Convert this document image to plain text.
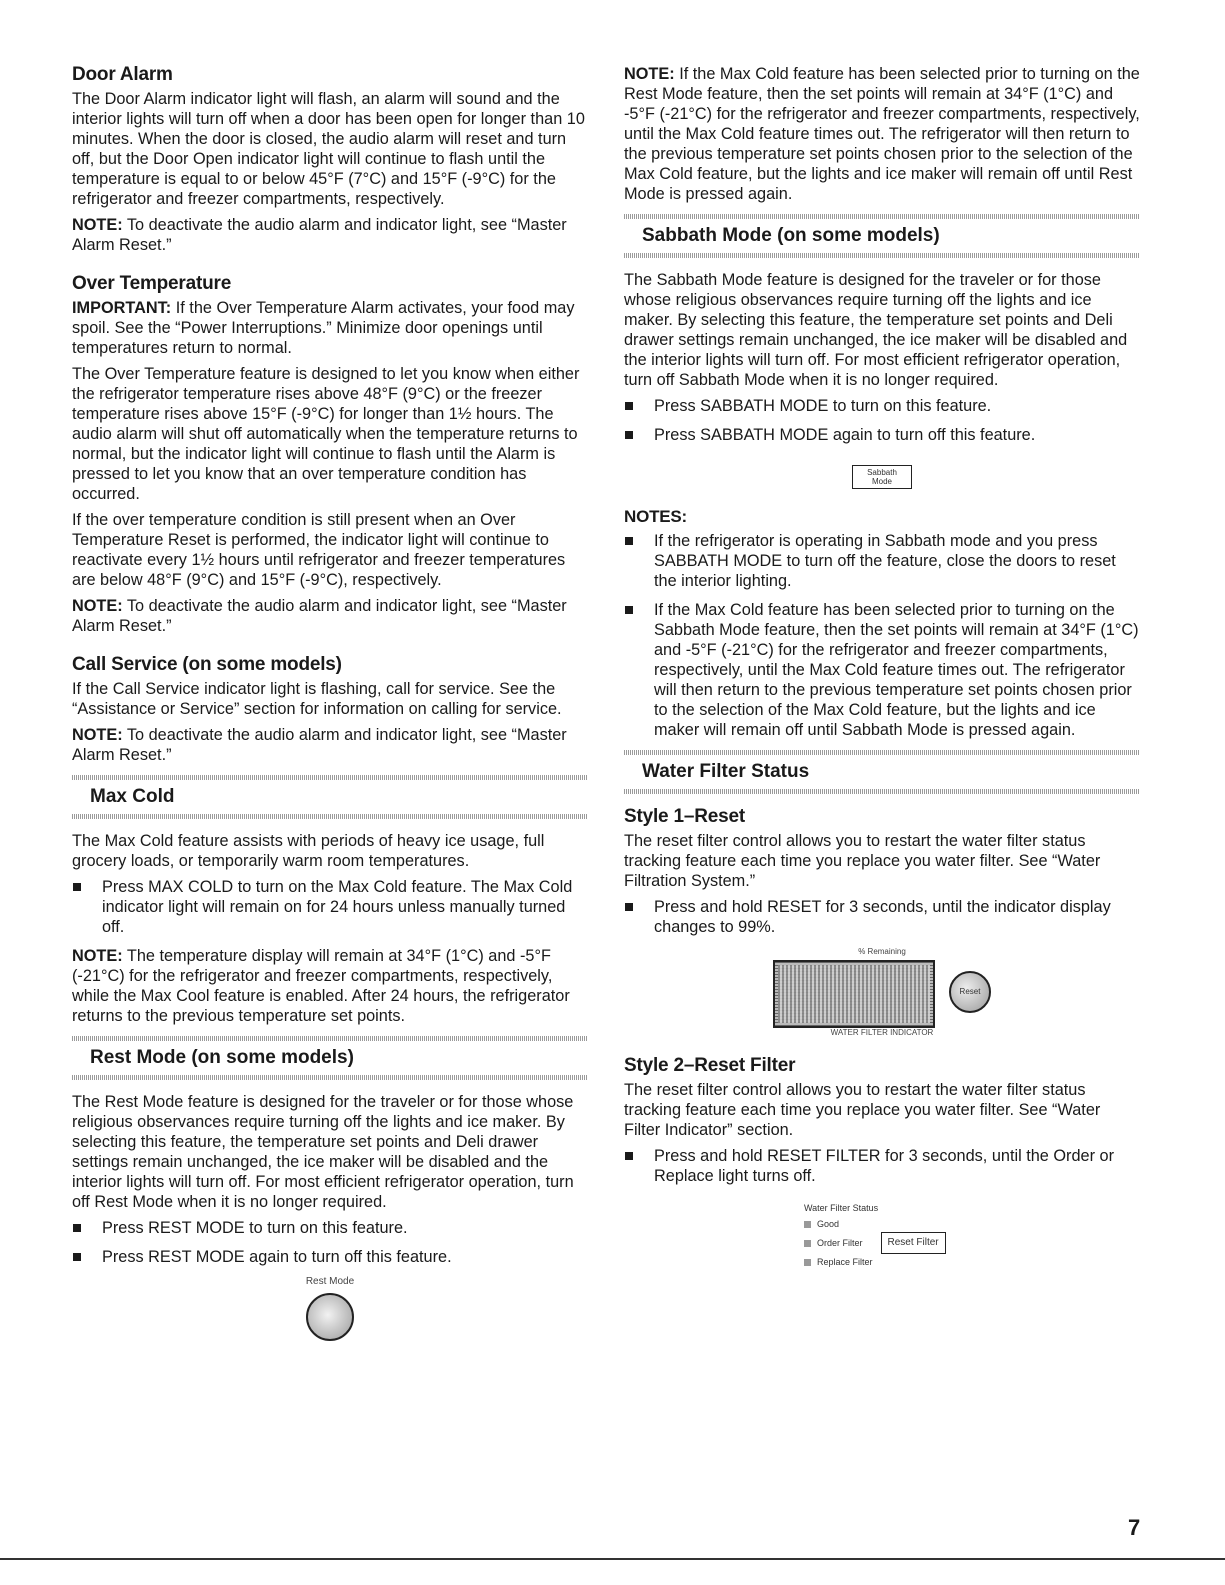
Door Alarm

The Door Alarm indicator light will flash, an alarm will sound and the interior lights will turn off when a door has been open for longer than 10 minutes. When the door is closed, the audio alarm will reset and turn off, but the Door Open indicator light will continue to flash until the temperature is equal to or below 45°F (7°C) and 15°F (-9°C) for the refrigerator and freezer compartments, respectively.

NOTE: To deactivate the audio alarm and indicator light, see “Master Alarm Reset.”

Over Temperature

IMPORTANT: If the Over Temperature Alarm activates, your food may spoil. See the “Power Interruptions.” Minimize door openings until temperatures return to normal.

The Over Temperature feature is designed to let you know when either the refrigerator temperature rises above 48°F (9°C) or the freezer temperature rises above 15°F (-9°C) for longer than 1½ hours. The audio alarm will shut off automatically when the temperature returns to normal, but the indicator light will continue to flash until the Alarm is pressed to let you know that an over temperature condition has occurred.

If the over temperature condition is still present when an Over Temperature Reset is performed, the indicator light will continue to reactivate every 1½ hours until refrigerator and freezer temperatures are below 48°F (9°C) and 15°F (-9°C), respectively.

NOTE: To deactivate the audio alarm and indicator light, see “Master Alarm Reset.”

Call Service (on some models)

If the Call Service indicator light is flashing, call for service. See the “Assistance or Service” section for information on calling for service.

NOTE: To deactivate the audio alarm and indicator light, see “Master Alarm Reset.”

Max Cold

The Max Cold feature assists with periods of heavy ice usage, full grocery loads, or temporarily warm room temperatures.

Press MAX COLD to turn on the Max Cold feature. The Max Cold indicator light will remain on for 24 hours unless manually turned off.

NOTE: The temperature display will remain at 34°F (1°C) and -5°F (-21°C) for the refrigerator and freezer compartments, respectively, while the Max Cool feature is enabled. After 24 hours, the refrigerator returns to the previous temperature set points.

Rest Mode (on some models)

The Rest Mode feature is designed for the traveler or for those whose religious observances require turning off the lights and ice maker. By selecting this feature, the temperature set points and Deli drawer settings remain unchanged, the ice maker will be disabled and the interior lights will turn off. For most efficient refrigerator operation, turn off Rest Mode when it is no longer required.

Press REST MODE to turn on this feature.
Press REST MODE again to turn off this feature.
Rest Mode

NOTE: If the Max Cold feature has been selected prior to turning on the Rest Mode feature, then the set points will remain at 34°F (1°C) and -5°F (-21°C) for the refrigerator and freezer compartments, respectively, until the Max Cold feature times out. The refrigerator will then return to the previous temperature set points chosen prior to the selection of the Max Cold feature, but the lights and ice maker will remain off until Rest Mode is pressed again.

Sabbath Mode (on some models)

The Sabbath Mode feature is designed for the traveler or for those whose religious observances require turning off the lights and ice maker. By selecting this feature, the temperature set points and Deli drawer settings remain unchanged, the ice maker will be disabled and the interior lights will turn off. For most efficient refrigerator operation, turn off Sabbath Mode when it is no longer required.

Press SABBATH MODE to turn on this feature.
Press SABBATH MODE again to turn off this feature.
Sabbath
Mode
NOTES:
If the refrigerator is operating in Sabbath mode and you press SABBATH MODE to turn off the feature, close the doors to reset the interior lighting.
If the Max Cold feature has been selected prior to turning on the Sabbath Mode feature, then the set points will remain at 34°F (1°C) and -5°F (-21°C) for the refrigerator and freezer compartments, respectively, until the Max Cold feature times out. The refrigerator will then return to the previous temperature set points chosen prior to the selection of the Max Cold feature, but the lights and ice maker will remain off until Sabbath Mode is pressed again.
Water Filter Status
Style 1–Reset

The reset filter control allows you to restart the water filter status tracking feature each time you replace you water filter. See “Water Filtration System.”

Press and hold RESET for 3 seconds, until the indicator display changes to 99%.
% Remaining
Reset
WATER FILTER INDICATOR
Style 2–Reset Filter

The reset filter control allows you to restart the water filter status tracking feature each time you replace you water filter. See “Water Filter Indicator” section.

Press and hold RESET FILTER for 3 seconds, until the Order or Replace light turns off.
Water Filter Status
Good
Order Filter	Reset Filter
Replace Filter
7
